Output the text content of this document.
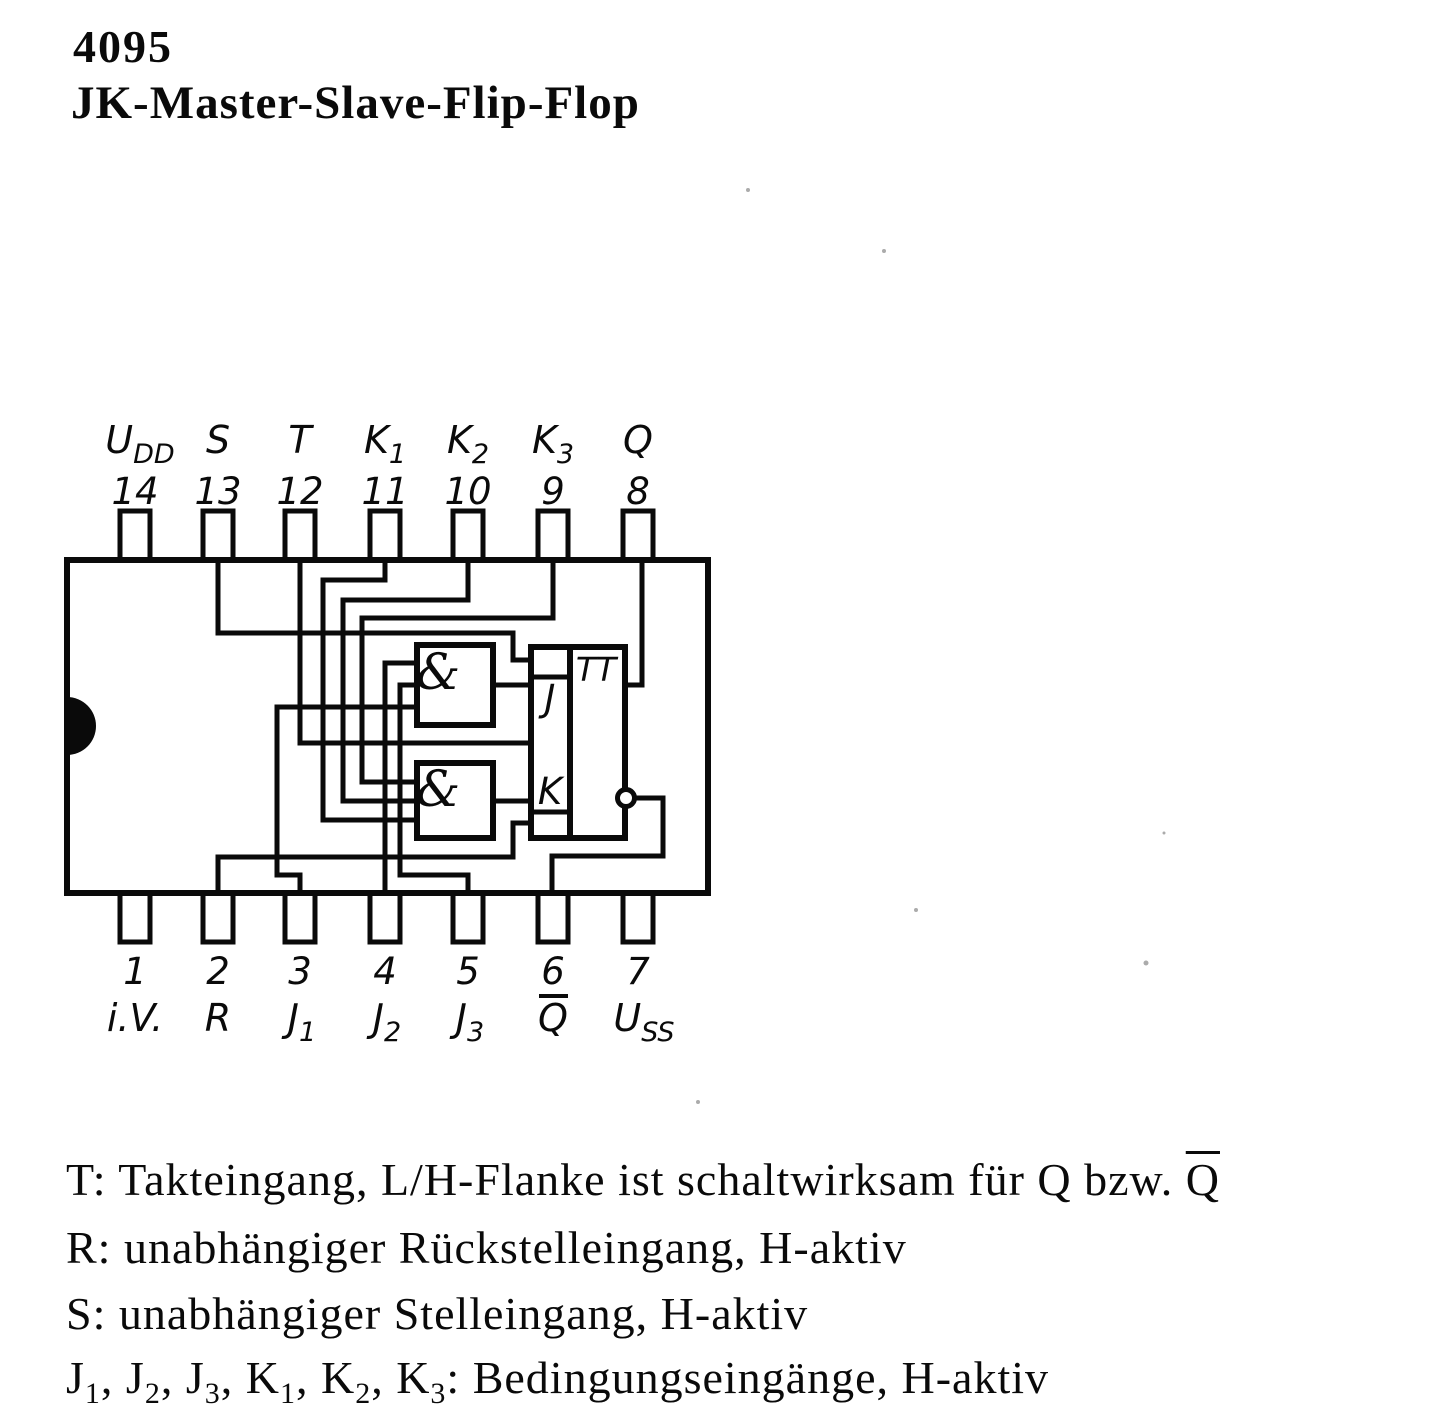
4095
JK-Master-Slave-Flip-Flop
&
&
TT
J
K
$U_{DD}$ S T $K_1$ $K_2$ $K_3$ Q
14 13 12 11 10 9 8
1 2 3 4 5 6 7
i.V. R $J_1$ $J_2$ $J_3$ Q $U_{SS}$
T: Takteingang, L/H-Flanke ist schaltwirksam für Q bzw. $\overline{Q}$
R: unabhängiger Rückstelleingang, H-aktiv
S: unabhängiger Stelleingang, H-aktiv
$J_1$, $J_2$, $J_3$, $K_1$, $K_2$, $K_3$: Bedingungseingänge, H-aktiv
